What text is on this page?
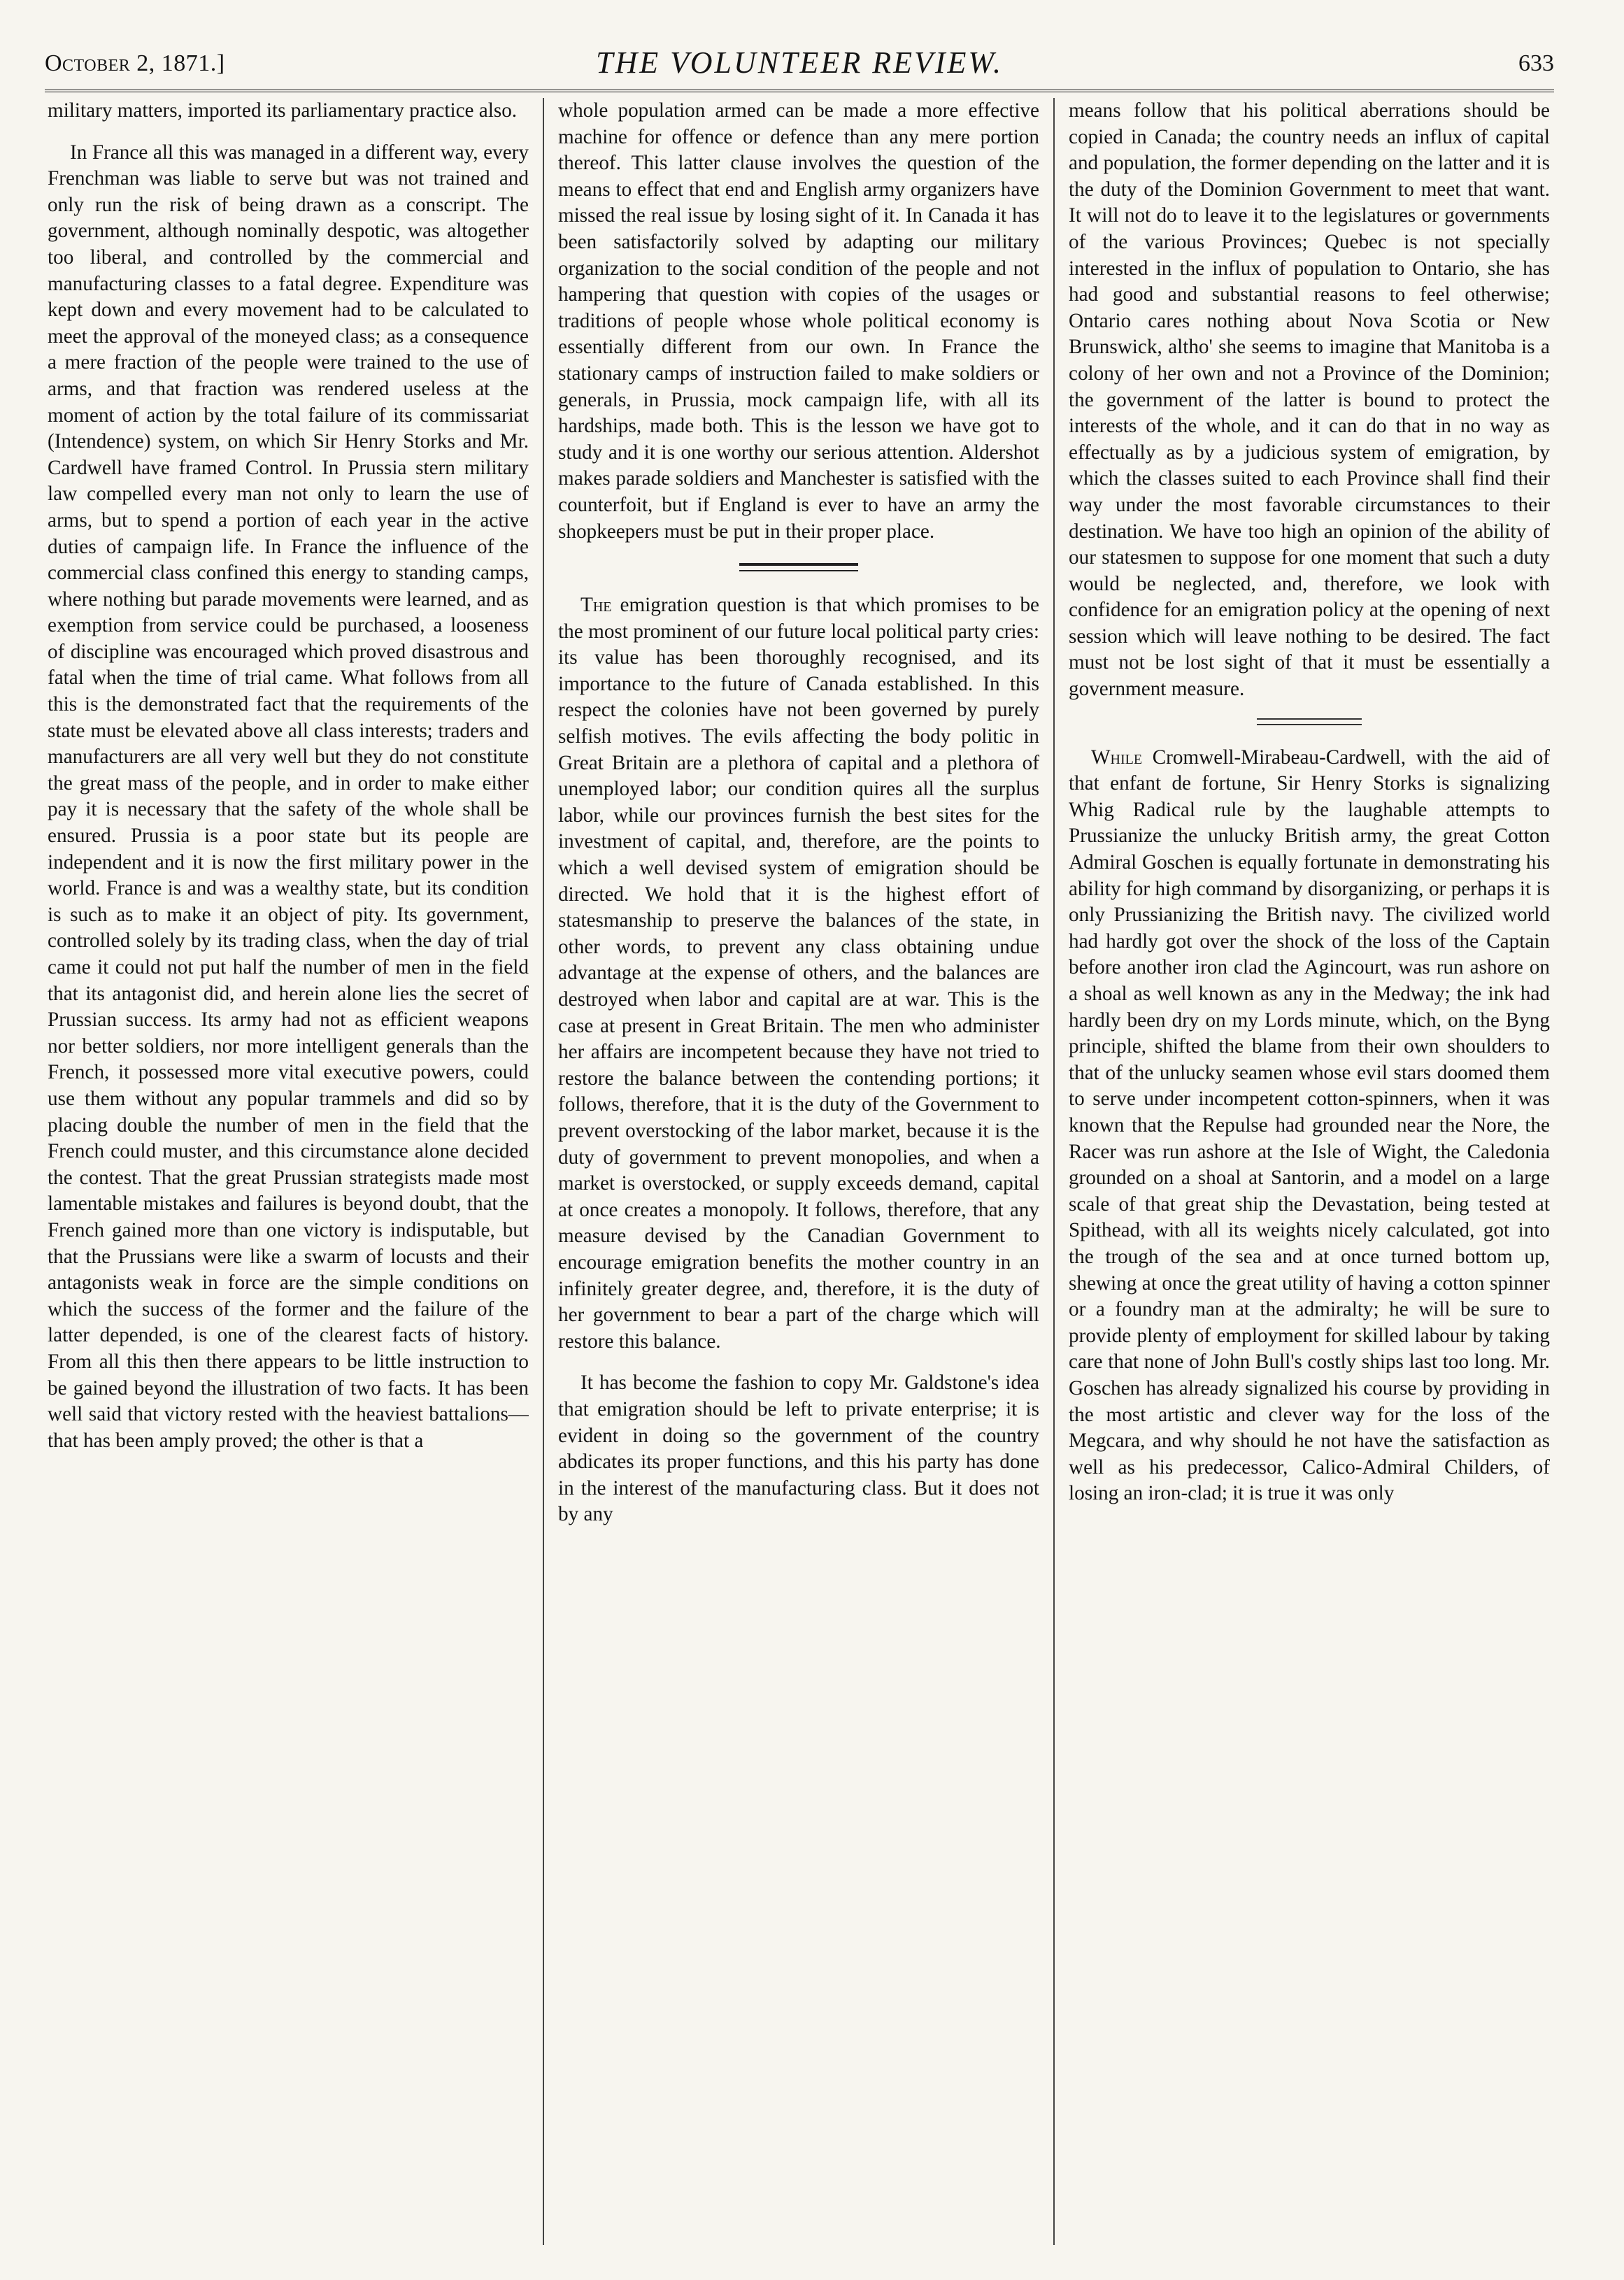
October 2, 1871.]	THE VOLUNTEER REVIEW.	633

military matters, imported its parliamentary practice also.

In France all this was managed in a different way, every Frenchman was liable to serve but was not trained and only run the risk of being drawn as a conscript. The government, although nominally despotic, was altogether too liberal, and controlled by the commercial and manufacturing classes to a fatal degree. Expenditure was kept down and every movement had to be calculated to meet the approval of the moneyed class; as a consequence a mere fraction of the people were trained to the use of arms, and that fraction was rendered useless at the moment of action by the total failure of its commissariat (Intendence) system, on which Sir Henry Storks and Mr. Cardwell have framed Control. In Prussia stern military law compelled every man not only to learn the use of arms, but to spend a portion of each year in the active duties of campaign life. In France the influence of the commercial class confined this energy to standing camps, where nothing but parade movements were learned, and as exemption from service could be purchased, a looseness of discipline was encouraged which proved disastrous and fatal when the time of trial came. What follows from all this is the demonstrated fact that the requirements of the state must be elevated above all class interests; traders and manufacturers are all very well but they do not constitute the great mass of the people, and in order to make either pay it is necessary that the safety of the whole shall be ensured. Prussia is a poor state but its people are independent and it is now the first military power in the world. France is and was a wealthy state, but its condition is such as to make it an object of pity. Its government, controlled solely by its trading class, when the day of trial came it could not put half the number of men in the field that its antagonist did, and herein alone lies the secret of Prussian success. Its army had not as efficient weapons nor better soldiers, nor more intelligent generals than the French, it possessed more vital executive powers, could use them without any popular trammels and did so by placing double the number of men in the field that the French could muster, and this circumstance alone decided the contest. That the great Prussian strategists made most lamentable mistakes and failures is beyond doubt, that the French gained more than one victory is indisputable, but that the Prussians were like a swarm of locusts and their antagonists weak in force are the simple conditions on which the success of the former and the failure of the latter depended, is one of the clearest facts of history. From all this then there appears to be little instruction to be gained beyond the illustration of two facts. It has been well said that victory rested with the heaviest battalions—that has been amply proved; the other is that a

whole population armed can be made a more effective machine for offence or defence than any mere portion thereof. This latter clause involves the question of the means to effect that end and English army organizers have missed the real issue by losing sight of it. In Canada it has been satisfactorily solved by adapting our military organization to the social condition of the people and not hampering that question with copies of the usages or traditions of people whose whole political economy is essentially different from our own. In France the stationary camps of instruction failed to make soldiers or generals, in Prussia, mock campaign life, with all its hardships, made both. This is the lesson we have got to study and it is one worthy our serious attention. Aldershot makes parade soldiers and Manchester is satisfied with the counterfoit, but if England is ever to have an army the shopkeepers must be put in their proper place.

The emigration question is that which promises to be the most prominent of our future local political party cries: its value has been thoroughly recognised, and its importance to the future of Canada established. In this respect the colonies have not been governed by purely selfish motives. The evils affecting the body politic in Great Britain are a plethora of capital and a plethora of unemployed labor; our condition quires all the surplus labor, while our provinces furnish the best sites for the investment of capital, and, therefore, are the points to which a well devised system of emigration should be directed. We hold that it is the highest effort of statesmanship to preserve the balances of the state, in other words, to prevent any class obtaining undue advantage at the expense of others, and the balances are destroyed when labor and capital are at war. This is the case at present in Great Britain. The men who administer her affairs are incompetent because they have not tried to restore the balance between the contending portions; it follows, therefore, that it is the duty of the Government to prevent overstocking of the labor market, because it is the duty of government to prevent monopolies, and when a market is overstocked, or supply exceeds demand, capital at once creates a monopoly. It follows, therefore, that any measure devised by the Canadian Government to encourage emigration benefits the mother country in an infinitely greater degree, and, therefore, it is the duty of her government to bear a part of the charge which will restore this balance.

It has become the fashion to copy Mr. Galdstone's idea that emigration should be left to private enterprise; it is evident in doing so the government of the country abdicates its proper functions, and this his party has done in the interest of the manufacturing class. But it does not by any

means follow that his political aberrations should be copied in Canada; the country needs an influx of capital and population, the former depending on the latter and it is the duty of the Dominion Government to meet that want. It will not do to leave it to the legislatures or governments of the various Provinces; Quebec is not specially interested in the influx of population to Ontario, she has had good and substantial reasons to feel otherwise; Ontario cares nothing about Nova Scotia or New Brunswick, altho' she seems to imagine that Manitoba is a colony of her own and not a Province of the Dominion; the government of the latter is bound to protect the interests of the whole, and it can do that in no way as effectually as by a judicious system of emigration, by which the classes suited to each Province shall find their way under the most favorable circumstances to their destination. We have too high an opinion of the ability of our statesmen to suppose for one moment that such a duty would be neglected, and, therefore, we look with confidence for an emigration policy at the opening of next session which will leave nothing to be desired. The fact must not be lost sight of that it must be essentially a government measure.

While Cromwell-Mirabeau-Cardwell, with the aid of that enfant de fortune, Sir Henry Storks is signalizing Whig Radical rule by the laughable attempts to Prussianize the unlucky British army, the great Cotton Admiral Goschen is equally fortunate in demonstrating his ability for high command by disorganizing, or perhaps it is only Prussianizing the British navy. The civilized world had hardly got over the shock of the loss of the Captain before another iron clad the Agincourt, was run ashore on a shoal as well known as any in the Medway; the ink had hardly been dry on my Lords minute, which, on the Byng principle, shifted the blame from their own shoulders to that of the unlucky seamen whose evil stars doomed them to serve under incompetent cotton-spinners, when it was known that the Repulse had grounded near the Nore, the Racer was run ashore at the Isle of Wight, the Caledonia grounded on a shoal at Santorin, and a model on a large scale of that great ship the Devastation, being tested at Spithead, with all its weights nicely calculated, got into the trough of the sea and at once turned bottom up, shewing at once the great utility of having a cotton spinner or a foundry man at the admiralty; he will be sure to provide plenty of employment for skilled labour by taking care that none of John Bull's costly ships last too long. Mr. Goschen has already signalized his course by providing in the most artistic and clever way for the loss of the Megcara, and why should he not have the satisfaction as well as his predecessor, Calico-Admiral Childers, of losing an iron-clad; it is true it was only
